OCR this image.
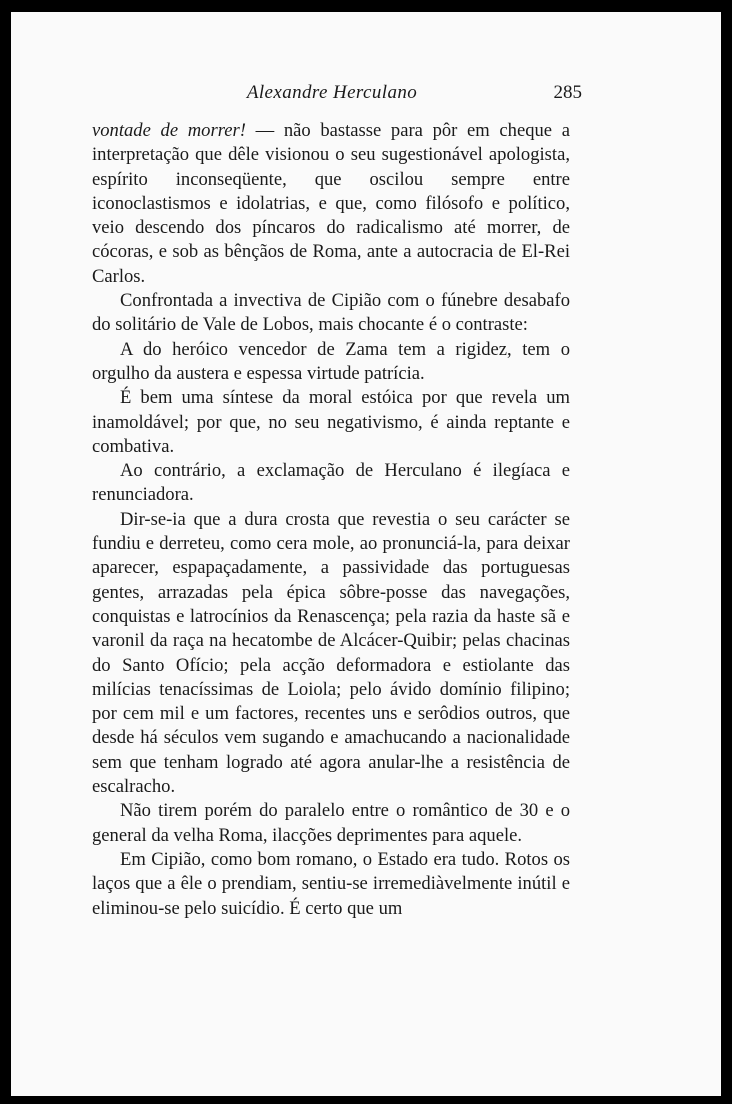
Alexandre Herculano	285

vontade de morrer! — não bastasse para pôr em cheque a interpretação que dêle visionou o seu sugestionável apologista, espírito inconseqüente, que oscilou sempre entre iconoclastismos e idolatrias, e que, como filósofo e político, veio descendo dos píncaros do radicalismo até morrer, de cócoras, e sob as bênçãos de Roma, ante a autocracia de El-Rei Carlos.

Confrontada a invectiva de Cipião com o fúnebre desabafo do solitário de Vale de Lobos, mais chocante é o contraste:

A do heróico vencedor de Zama tem a rigidez, tem o orgulho da austera e espessa virtude patrícia.

É bem uma síntese da moral estóica por que revela um inamoldável; por que, no seu negativismo, é ainda reptante e combativa.

Ao contrário, a exclamação de Herculano é ilegíaca e renunciadora.

Dir-se-ia que a dura crosta que revestia o seu carácter se fundiu e derreteu, como cera mole, ao pronunciá-la, para deixar aparecer, espapaçadamente, a passividade das portuguesas gentes, arrazadas pela épica sôbre-posse das navegações, conquistas e latrocínios da Renascença; pela razia da haste sã e varonil da raça na hecatombe de Alcácer-Quibir; pelas chacinas do Santo Ofício; pela acção deformadora e estiolante das milícias tenacíssimas de Loiola; pelo ávido domínio filipino; por cem mil e um factores, recentes uns e serôdios outros, que desde há séculos vem sugando e amachucando a nacionalidade sem que tenham logrado até agora anular-lhe a resistência de escalracho.

Não tirem porém do paralelo entre o romântico de 30 e o general da velha Roma, ilacções deprimentes para aquele.

Em Cipião, como bom romano, o Estado era tudo. Rotos os laços que a êle o prendiam, sentiu-se irremediàvelmente inútil e eliminou-se pelo suicídio. É certo que um
